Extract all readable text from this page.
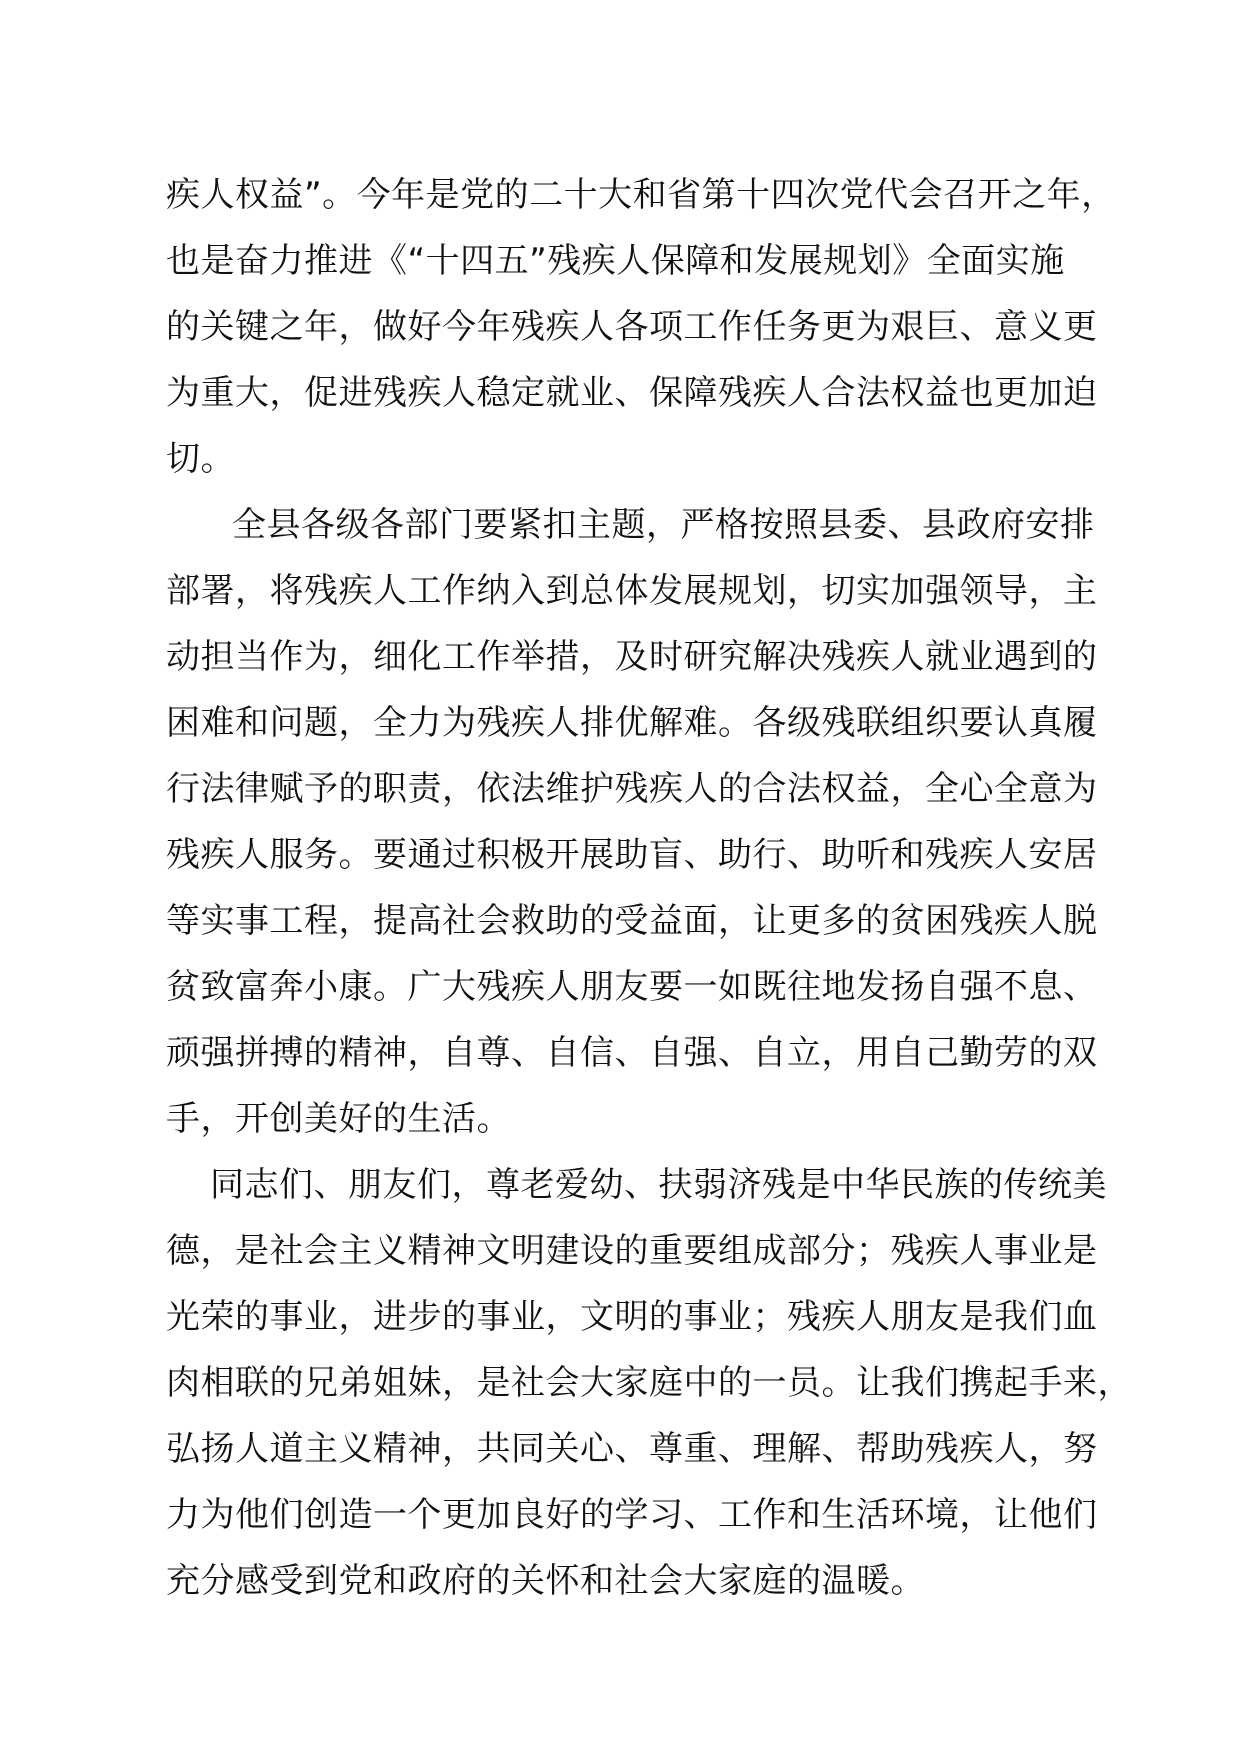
疾人权益”。今年是党的二十大和省第十四次党代会召开之年，
也是奋力推进《“十四五”残疾人保障和发展规划》全面实施
的关键之年，做好今年残疾人各项工作任务更为艰巨、意义更
为重大，促进残疾人稳定就业、保障残疾人合法权益也更加迫
切。
全县各级各部门要紧扣主题，严格按照县委、县政府安排
部署，将残疾人工作纳入到总体发展规划，切实加强领导，主
动担当作为，细化工作举措，及时研究解决残疾人就业遇到的
困难和问题，全力为残疾人排优解难。各级残联组织要认真履
行法律赋予的职责，依法维护残疾人的合法权益，全心全意为
残疾人服务。要通过积极开展助盲、助行、助听和残疾人安居
等实事工程，提高社会救助的受益面，让更多的贫困残疾人脱
贫致富奔小康。广大残疾人朋友要一如既往地发扬自强不息、
顽强拼搏的精神，自尊、自信、自强、自立，用自己勤劳的双
手，开创美好的生活。
同志们、朋友们，尊老爱幼、扶弱济残是中华民族的传统美
德，是社会主义精神文明建设的重要组成部分；残疾人事业是
光荣的事业，进步的事业，文明的事业；残疾人朋友是我们血
肉相联的兄弟姐妹，是社会大家庭中的一员。让我们携起手来，
弘扬人道主义精神，共同关心、尊重、理解、帮助残疾人，努
力为他们创造一个更加良好的学习、工作和生活环境，让他们
充分感受到党和政府的关怀和社会大家庭的温暖。
